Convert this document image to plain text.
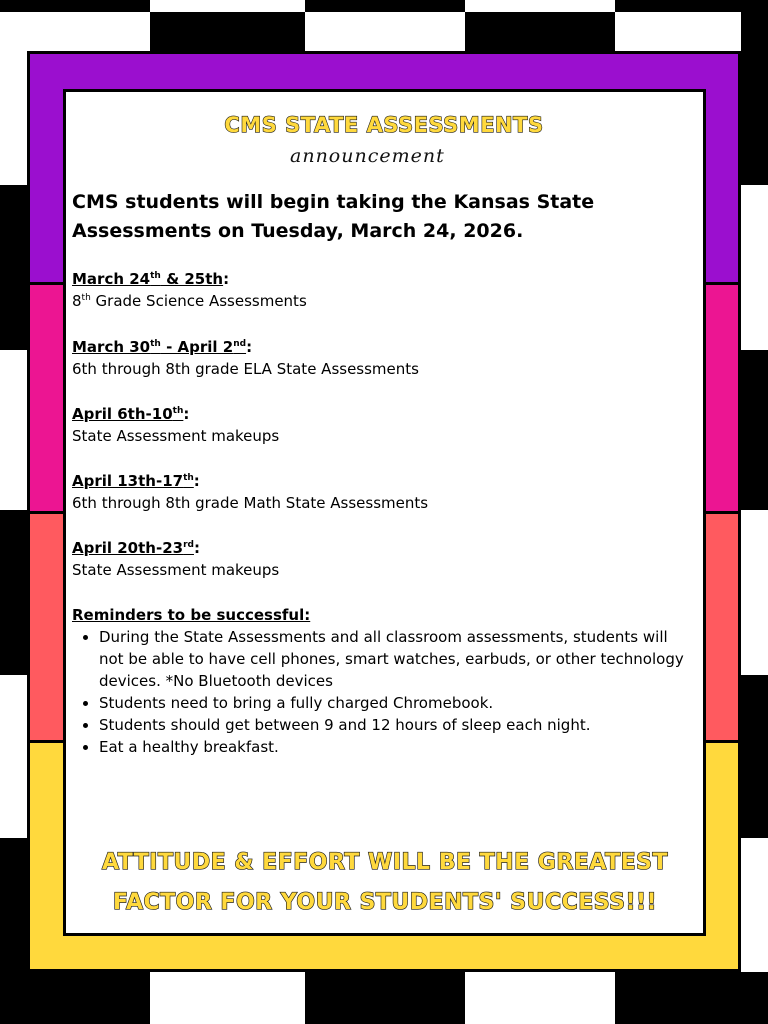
CMS STATE ASSESSMENTS
announcement

CMS students will begin taking the Kansas State Assessments on Tuesday, March 24, 2026.

March 24th & 25th:
8th Grade Science Assessments
March 30th - April 2nd:
6th through 8th grade ELA State Assessments
April 6th-10th:
State Assessment makeups
April 13th-17th:
6th through 8th grade Math State Assessments
April 20th-23rd:
State Assessment makeups
Reminders to be successful:
• During the State Assessments and all classroom assessments, students will not be able to have cell phones, smart watches, earbuds, or other technology devices. *No Bluetooth devices
• Students need to bring a fully charged Chromebook.
• Students should get between 9 and 12 hours of sleep each night.
• Eat a healthy breakfast.
ATTITUDE & EFFORT WILL BE THE GREATEST
FACTOR FOR YOUR STUDENTS' SUCCESS!!!
